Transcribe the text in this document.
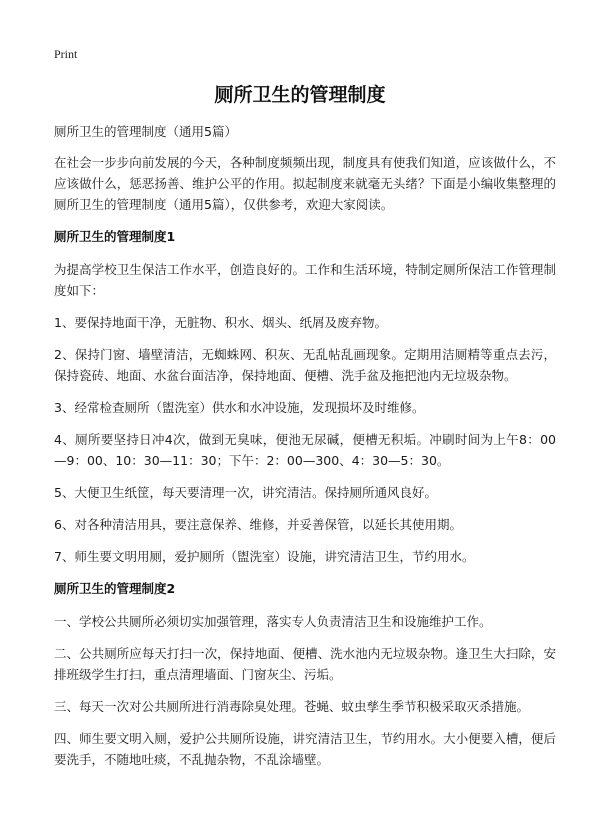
Print
厕所卫生的管理制度

厕所卫生的管理制度（通用5篇）

在社会一步步向前发展的今天，各种制度频频出现，制度具有使我们知道，应该做什么，不应该做什么，惩恶扬善、维护公平的作用。拟起制度来就毫无头绪？下面是小编收集整理的厕所卫生的管理制度（通用5篇），仅供参考，欢迎大家阅读。

厕所卫生的管理制度1

为提高学校卫生保洁工作水平，创造良好的。工作和生活环境，特制定厕所保洁工作管理制度如下：

1、要保持地面干净，无脏物、积水、烟头、纸屑及废弃物。

2、保持门窗、墙壁清洁，无蜘蛛网、积灰、无乱帖乱画现象。定期用洁厕精等重点去污，保持瓷砖、地面、水盆台面洁净，保持地面、便槽、洗手盆及拖把池内无垃圾杂物。

3、经常检查厕所（盥洗室）供水和水冲设施，发现损坏及时维修。

4、厕所要坚持日冲4次，做到无臭味，便池无尿碱，便槽无积垢。冲刷时间为上午8：00—9：00、10：30—11：30；下午：2：00—300、4：30—5：30。

5、大便卫生纸筐，每天要清理一次，讲究清洁。保持厕所通风良好。

6、对各种清洁用具，要注意保养、维修，并妥善保管，以延长其使用期。

7、师生要文明用厕，爱护厕所（盥洗室）设施，讲究清洁卫生，节约用水。

厕所卫生的管理制度2

一、学校公共厕所必须切实加强管理，落实专人负责清洁卫生和设施维护工作。

二、公共厕所应每天打扫一次，保持地面、便槽、洗水池内无垃圾杂物。逢卫生大扫除，安排班级学生打扫，重点清理墙面、门窗灰尘、污垢。

三、每天一次对公共厕所进行消毒除臭处理。苍蝇、蚊虫孳生季节积极采取灭杀措施。

四、师生要文明入厕，爱护公共厕所设施，讲究清洁卫生，节约用水。大小便要入槽，便后要洗手，不随地吐痰，不乱抛杂物，不乱涂墙壁。
